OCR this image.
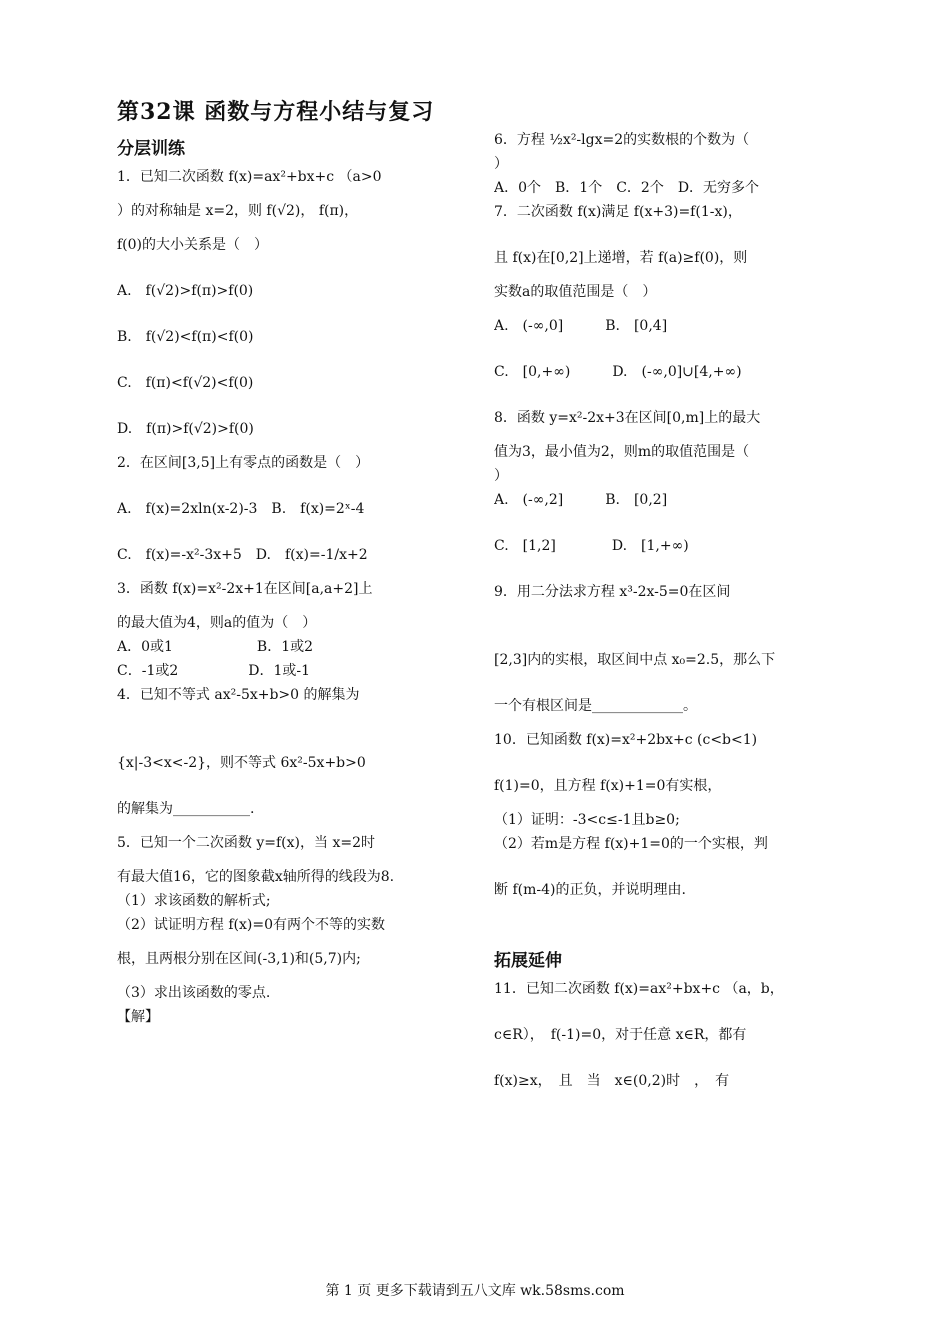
第32课 函数与方程小结与复习
分层训练
1．已知二次函数 f(x)=ax²+bx+c （a>0
）的对称轴是 x=2，则 f(√2)， f(π)，
f(0)的大小关系是（　）
A.　f(√2)>f(π)>f(0)
B.　f(√2)<f(π)<f(0)
C.　f(π)<f(√2)<f(0)
D.　f(π)>f(√2)>f(0)
2．在区间[3,5]上有零点的函数是（　）
A.　f(x)=2xln(x-2)-3　B.　f(x)=2ˣ-4
C.　f(x)=-x²-3x+5　D.　f(x)=-1/x+2
3．函数 f(x)=x²-2x+1在区间[a,a+2]上
的最大值为4，则a的值为（　）
A．0或1　　　　　　B．1或2
C．-1或2　　　　　D．1或-1
4．已知不等式 ax²-5x+b>0 的解集为
{x|-3<x<-2}，则不等式 6x²-5x+b>0
的解集为___________.
5．已知一个二次函数 y=f(x)，当 x=2时
有最大值16，它的图象截x轴所得的线段为8.
（1）求该函数的解析式;
（2）试证明方程 f(x)=0有两个不等的实数
根，且两根分别在区间(-3,1)和(5,7)内;
（3）求出该函数的零点.
【解】
6．方程 ½x²-lgx=2的实数根的个数为（
）
A．0个　B．1个　C．2个　D．无穷多个
7．二次函数 f(x)满足 f(x+3)=f(1-x)，
且 f(x)在[0,2]上递增，若 f(a)≥f(0)，则
实数a的取值范围是（　）
A.　(-∞,0]　　　B.　[0,4]
C.　[0,+∞)　　　D.　(-∞,0]∪[4,+∞)
8．函数 y=x²-2x+3在区间[0,m]上的最大
值为3，最小值为2，则m的取值范围是（
）
A.　(-∞,2]　　　B.　[0,2]
C.　[1,2]　　　　D.　[1,+∞)
9．用二分法求方程 x³-2x-5=0在区间
[2,3]内的实根，取区间中点 x₀=2.5，那么下
一个有根区间是_____________。
10．已知函数 f(x)=x²+2bx+c (c<b<1)
f(1)=0，且方程 f(x)+1=0有实根，
（1）证明：-3<c≤-1且b≥0;
（2）若m是方程 f(x)+1=0的一个实根，判
断 f(m-4)的正负，并说明理由.
拓展延伸
11．已知二次函数 f(x)=ax²+bx+c （a，b，
c∈R），　f(-1)=0，对于任意 x∈R，都有
f(x)≥x，　且　当　x∈(0,2)时　，　有
第 1 页 更多下载请到五八文库 wk.58sms.com
